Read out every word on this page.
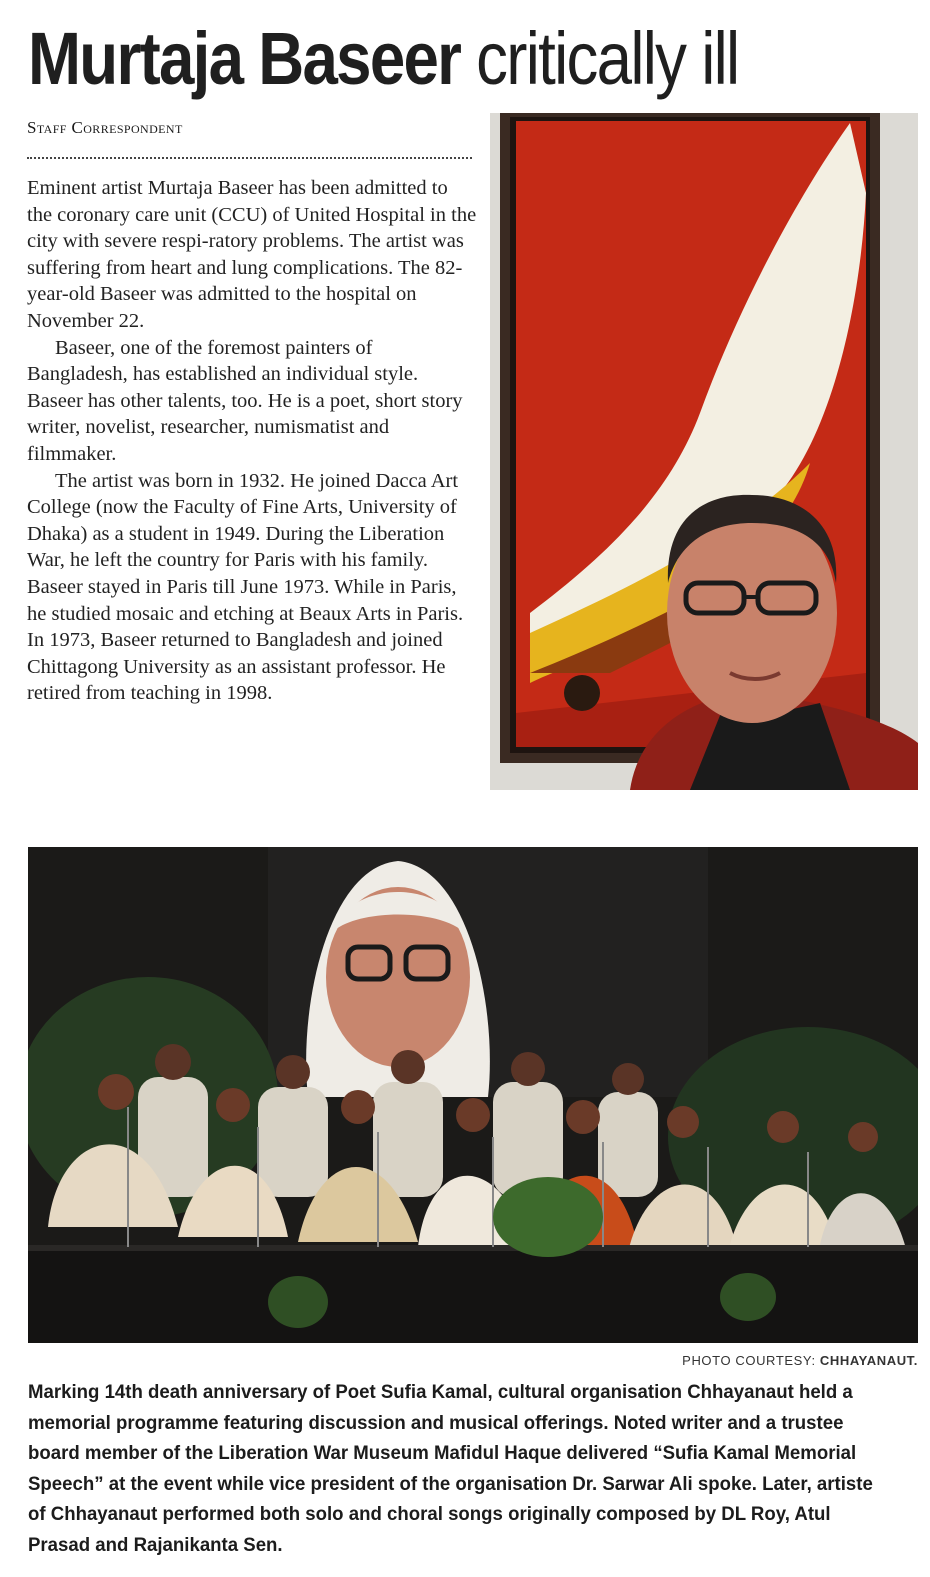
Murtaja Baseer critically ill
Staff Correspondent

Eminent artist Murtaja Baseer has been admitted to the coronary care unit (CCU) of United Hospital in the city with severe respi-ratory problems. The artist was suffering from heart and lung complications. The 82-year-old Baseer was admitted to the hospital on November 22.

Baseer, one of the foremost painters of Bangladesh, has established an individual style. Baseer has other talents, too. He is a poet, short story writer, novelist, researcher, numismatist and filmmaker.

The artist was born in 1932. He joined Dacca Art College (now the Faculty of Fine Arts, University of Dhaka) as a student in 1949. During the Liberation War, he left the country for Paris with his family. Baseer stayed in Paris till June 1973. While in Paris, he studied mosaic and etching at Beaux Arts in Paris. In 1973, Baseer returned to Bangladesh and joined Chittagong University as an assistant professor. He retired from teaching in 1998.

PHOTO COURTESY: CHHAYANAUT.
Marking 14th death anniversary of Poet Sufia Kamal, cultural organisation Chhayanaut held a memorial programme featuring discussion and musical offerings. Noted writer and a trustee board member of the Liberation War Museum Mafidul Haque delivered “Sufia Kamal Memorial Speech” at the event while vice president of the organisation Dr. Sarwar Ali spoke. Later, artiste of Chhayanaut performed both solo and choral songs originally composed by DL Roy, Atul Prasad and Rajanikanta Sen.
